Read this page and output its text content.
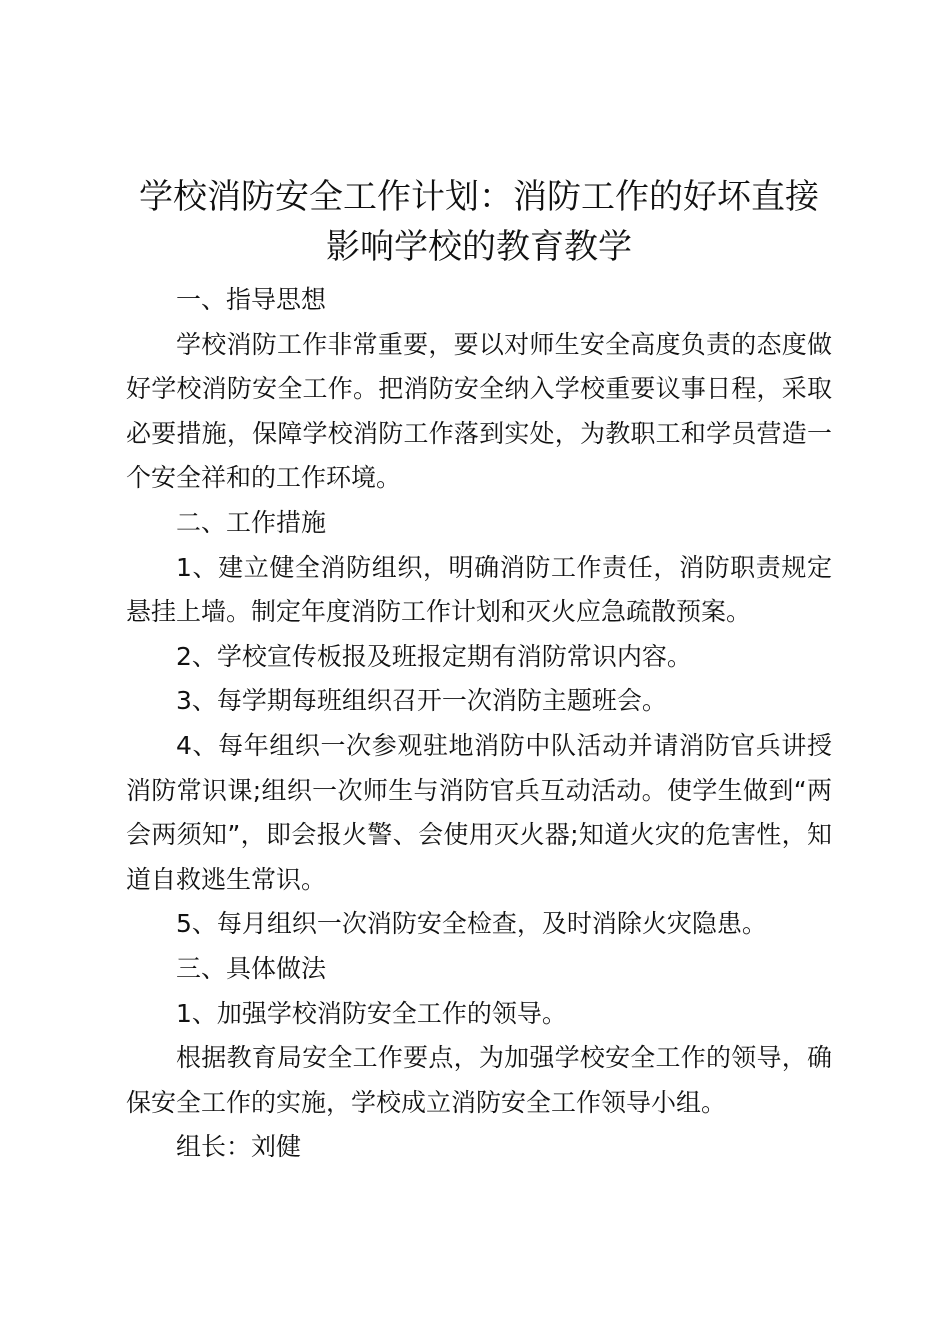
学校消防安全工作计划：消防工作的好坏直接
影响学校的教育教学

一、指导思想

学校消防工作非常重要，要以对师生安全高度负责的态度做好学校消防安全工作。把消防安全纳入学校重要议事日程，采取必要措施，保障学校消防工作落到实处，为教职工和学员营造一个安全祥和的工作环境。

二、工作措施

1、建立健全消防组织，明确消防工作责任，消防职责规定悬挂上墙。制定年度消防工作计划和灭火应急疏散预案。

2、学校宣传板报及班报定期有消防常识内容。

3、每学期每班组织召开一次消防主题班会。

4、每年组织一次参观驻地消防中队活动并请消防官兵讲授消防常识课;组织一次师生与消防官兵互动活动。使学生做到“两会两须知”，即会报火警、会使用灭火器;知道火灾的危害性，知道自救逃生常识。

5、每月组织一次消防安全检查，及时消除火灾隐患。

三、具体做法

1、加强学校消防安全工作的领导。

根据教育局安全工作要点，为加强学校安全工作的领导，确保安全工作的实施，学校成立消防安全工作领导小组。

组长：刘健
